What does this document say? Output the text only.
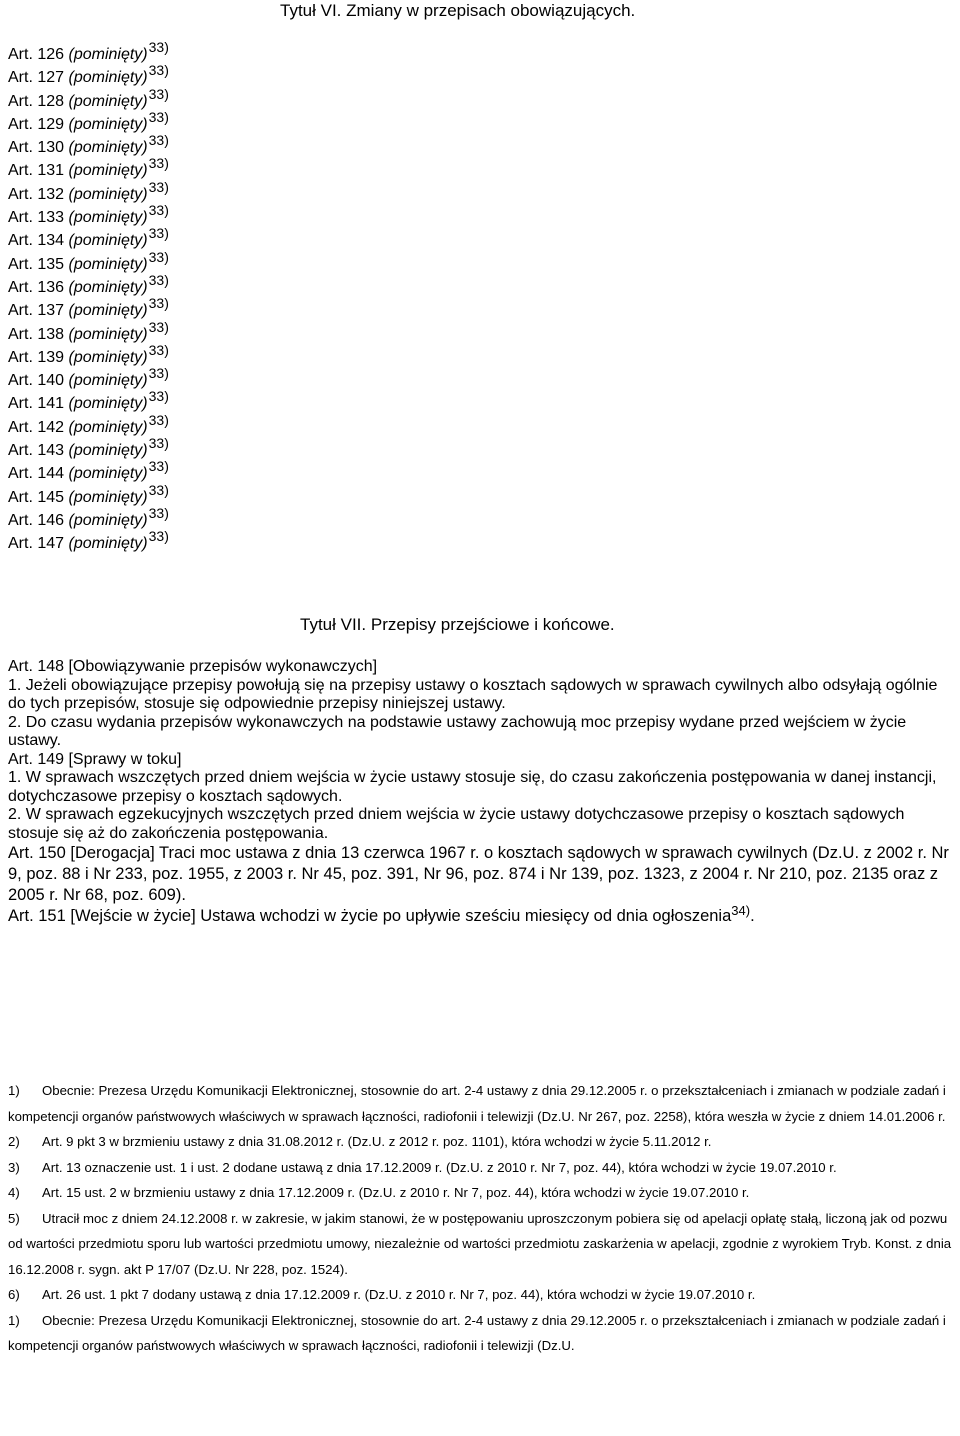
Tytuł VI. Zmiany w przepisach obowiązujących.
Art. 126 (pominięty)$^{33)}$
Art. 127 (pominięty)$^{33)}$
Art. 128 (pominięty)$^{33)}$
Art. 129 (pominięty)$^{33)}$
Art. 130 (pominięty)$^{33)}$
Art. 131 (pominięty)$^{33)}$
Art. 132 (pominięty)$^{33)}$
Art. 133 (pominięty)$^{33)}$
Art. 134 (pominięty)$^{33)}$
Art. 135 (pominięty)$^{33)}$
Art. 136 (pominięty)$^{33)}$
Art. 137 (pominięty)$^{33)}$
Art. 138 (pominięty)$^{33)}$
Art. 139 (pominięty)$^{33)}$
Art. 140 (pominięty)$^{33)}$
Art. 141 (pominięty)$^{33)}$
Art. 142 (pominięty)$^{33)}$
Art. 143 (pominięty)$^{33)}$
Art. 144 (pominięty)$^{33)}$
Art. 145 (pominięty)$^{33)}$
Art. 146 (pominięty)$^{33)}$
Art. 147 (pominięty)$^{33)}$
Tytuł VII. Przepisy przejściowe i końcowe.

Art. 148 [Obowiązywanie przepisów wykonawczych]

1. Jeżeli obowiązujące przepisy powołują się na przepisy ustawy o kosztach sądowych w sprawach cywilnych albo odsyłają ogólnie do tych przepisów, stosuje się odpowiednie przepisy niniejszej ustawy.

2. Do czasu wydania przepisów wykonawczych na podstawie ustawy zachowują moc przepisy wydane przed wejściem w życie ustawy.

Art. 149 [Sprawy w toku]

1. W sprawach wszczętych przed dniem wejścia w życie ustawy stosuje się, do czasu zakończenia postępowania w danej instancji, dotychczasowe przepisy o kosztach sądowych.

2. W sprawach egzekucyjnych wszczętych przed dniem wejścia w życie ustawy dotychczasowe przepisy o kosztach sądowych stosuje się aż do zakończenia postępowania.

Art. 150 [Derogacja] Traci moc ustawa z dnia 13 czerwca 1967 r. o kosztach sądowych w sprawach cywilnych (Dz.U. z 2002 r. Nr 9, poz. 88 i Nr 233, poz. 1955, z 2003 r. Nr 45, poz. 391, Nr 96, poz. 874 i Nr 139, poz. 1323, z 2004 r. Nr 210, poz. 2135 oraz z 2005 r. Nr 68, poz. 609).

Art. 151 [Wejście w życie] Ustawa wchodzi w życie po upływie sześciu miesięcy od dnia ogłoszenia$^{34)}$.

1) Obecnie: Prezesa Urzędu Komunikacji Elektronicznej, stosownie do art. 2-4 ustawy z dnia 29.12.2005 r. o przekształceniach i zmianach w podziale zadań i kompetencji organów państwowych właściwych w sprawach łączności, radiofonii i telewizji (Dz.U. Nr 267, poz. 2258), która weszła w życie z dniem 14.01.2006 r.

2) Art. 9 pkt 3 w brzmieniu ustawy z dnia 31.08.2012 r. (Dz.U. z 2012 r. poz. 1101), która wchodzi w życie 5.11.2012 r.

3) Art. 13 oznaczenie ust. 1 i ust. 2 dodane ustawą z dnia 17.12.2009 r. (Dz.U. z 2010 r. Nr 7, poz. 44), która wchodzi w życie 19.07.2010 r.

4) Art. 15 ust. 2 w brzmieniu ustawy z dnia 17.12.2009 r. (Dz.U. z 2010 r. Nr 7, poz. 44), która wchodzi w życie 19.07.2010 r.

5) Utracił moc z dniem 24.12.2008 r. w zakresie, w jakim stanowi, że w postępowaniu uproszczonym pobiera się od apelacji opłatę stałą, liczoną jak od pozwu od wartości przedmiotu sporu lub wartości przedmiotu umowy, niezależnie od wartości przedmiotu zaskarżenia w apelacji, zgodnie z wyrokiem Tryb. Konst. z dnia 16.12.2008 r. sygn. akt P 17/07 (Dz.U. Nr 228, poz. 1524).

6) Art. 26 ust. 1 pkt 7 dodany ustawą z dnia 17.12.2009 r. (Dz.U. z 2010 r. Nr 7, poz. 44), która wchodzi w życie 19.07.2010 r.

1) Obecnie: Prezesa Urzędu Komunikacji Elektronicznej, stosownie do art. 2-4 ustawy z dnia 29.12.2005 r. o przekształceniach i zmianach w podziale zadań i kompetencji organów państwowych właściwych w sprawach łączności, radiofonii i telewizji (Dz.U.
